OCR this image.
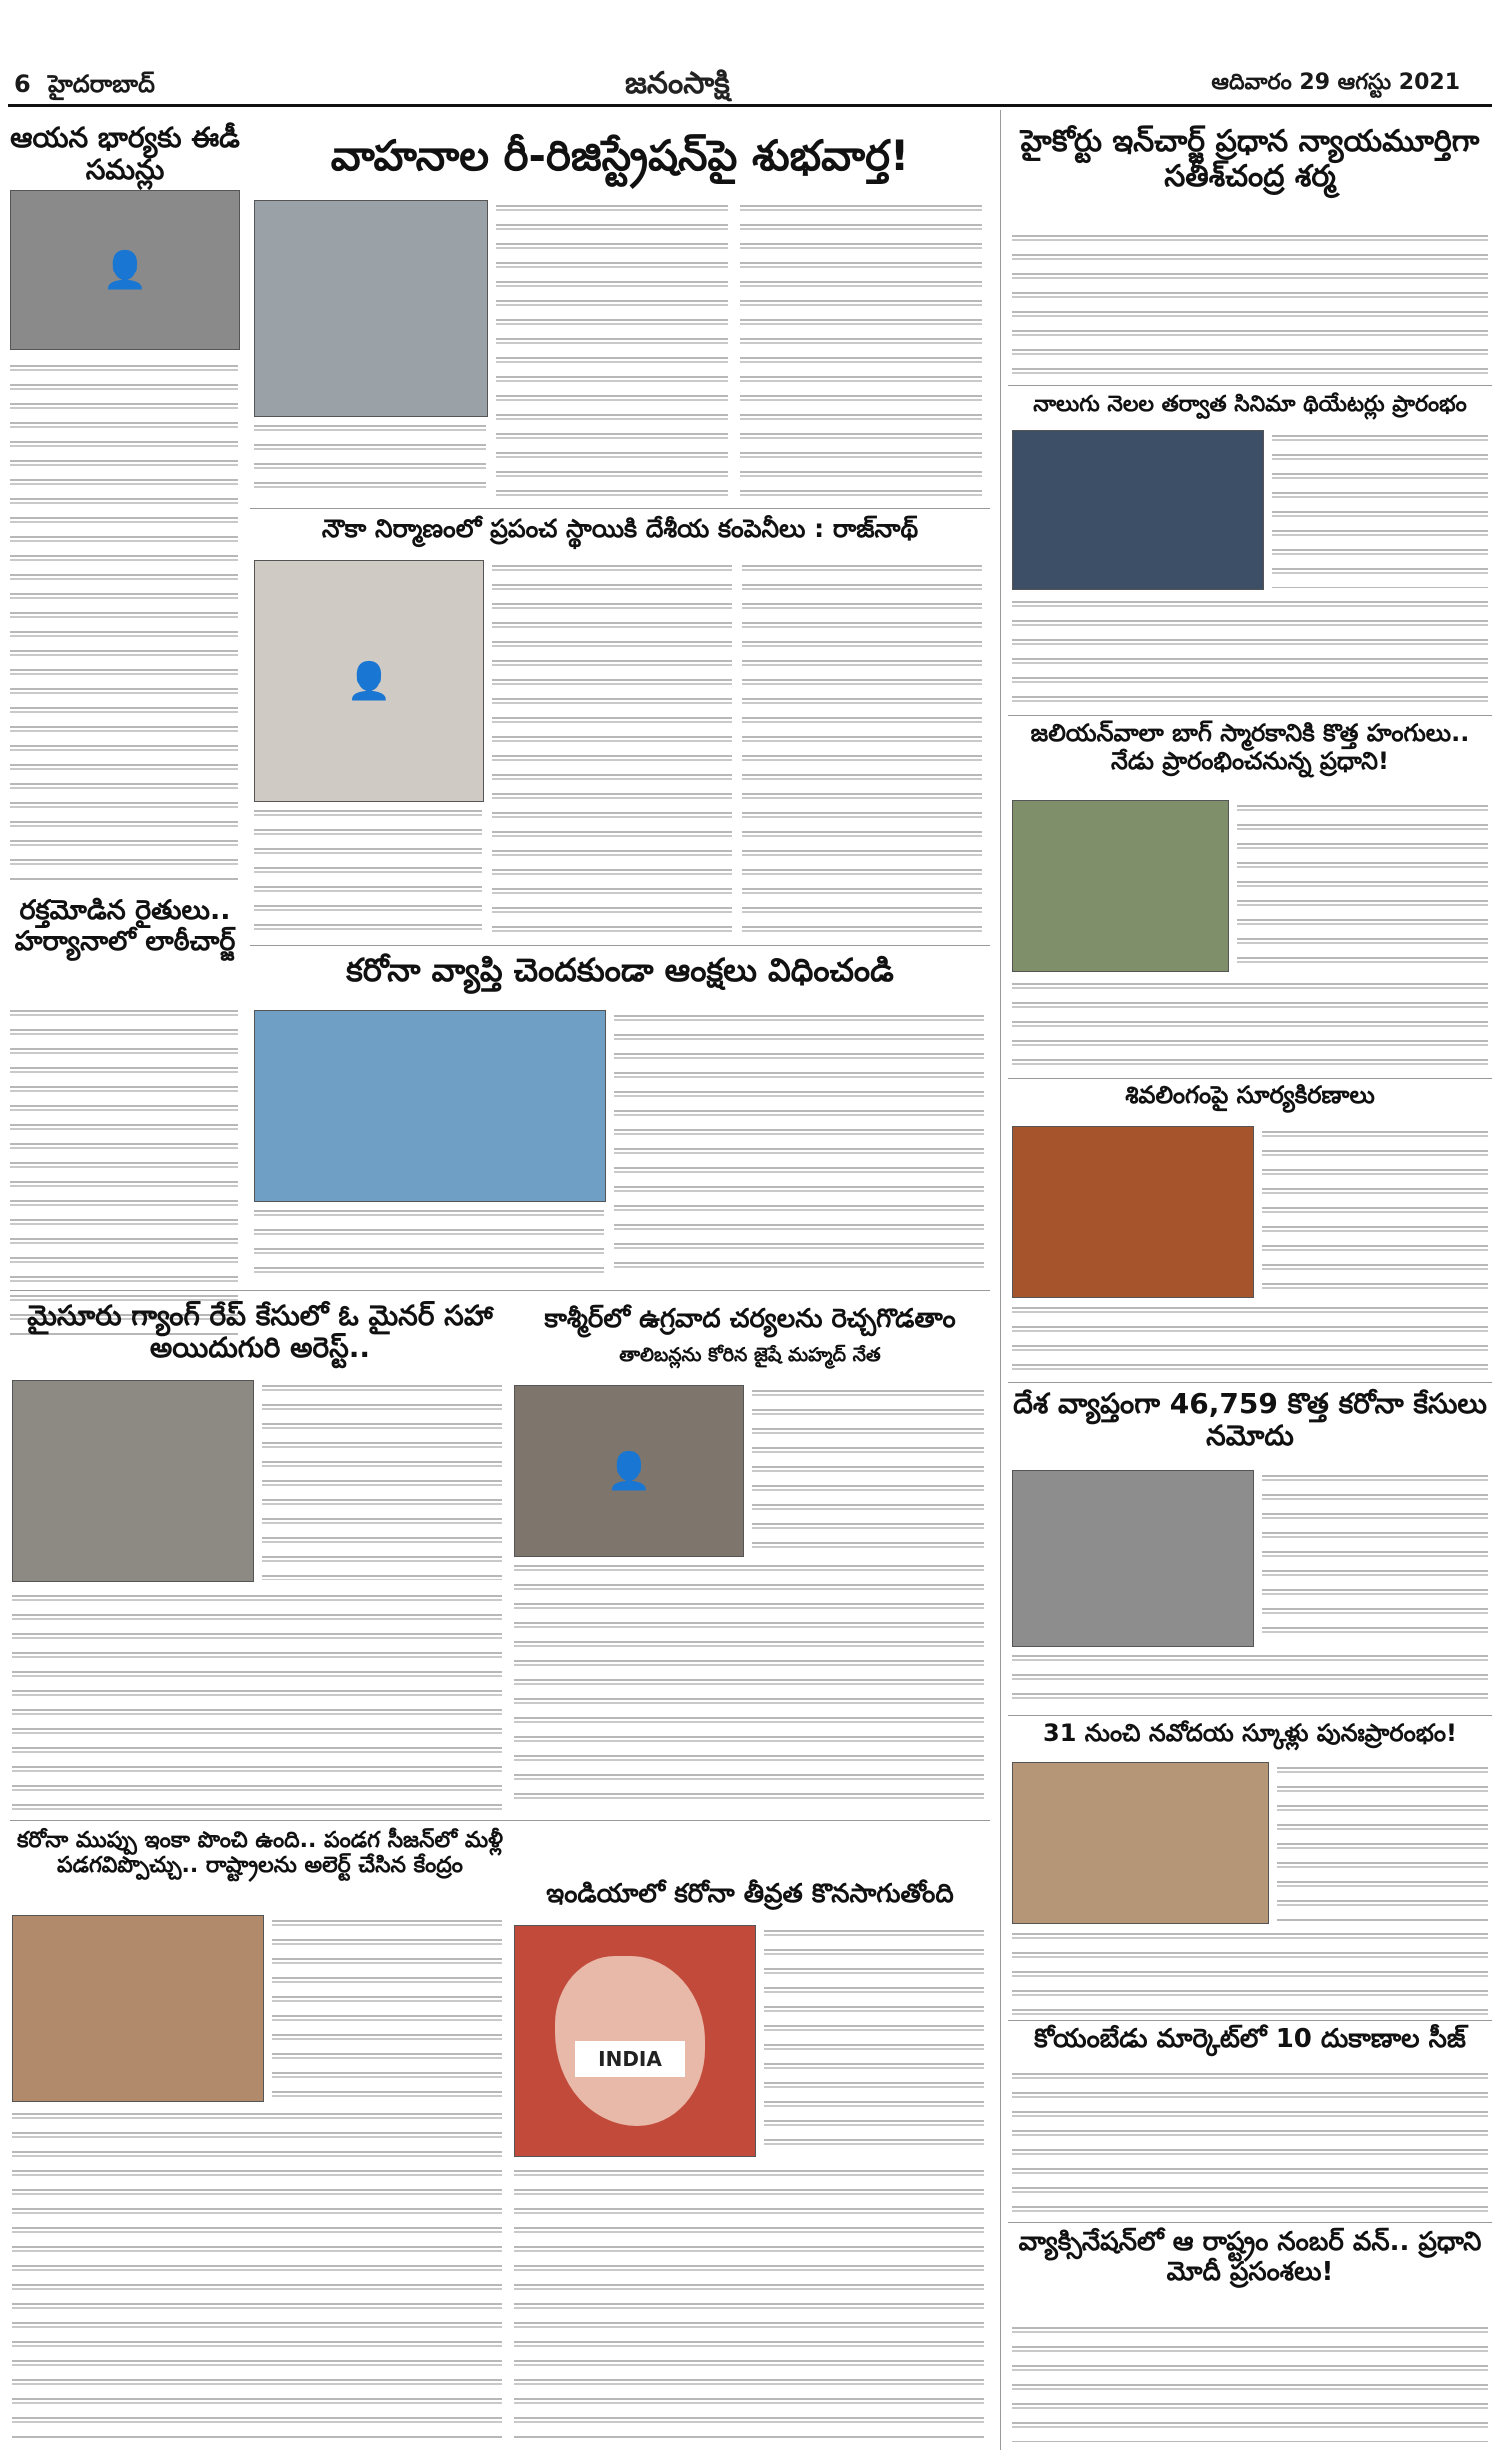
6 హైదరాబాద్	జనంసాక్షి	ఆదివారం 29 ఆగస్టు 2021
ఆయన భార్యకు ఈడీ సమన్లు
👤
రక్తమోడిన రైతులు.. హర్యానాలో లాఠీచార్జ్
వాహనాల రీ-రిజిస్ట్రేషన్‌పై శుభవార్త!
నౌకా నిర్మాణంలో ప్రపంచ స్థాయికి దేశీయ కంపెనీలు : రాజ్‌నాథ్
👤
కరోనా వ్యాప్తి చెందకుండా ఆంక్షలు విధించండి
మైసూరు గ్యాంగ్ రేప్ కేసులో ఓ మైనర్ సహా అయిదుగురి అరెస్ట్..
కాశ్మీర్‌లో ఉగ్రవాద చర్యలను రెచ్చగొడతాం
తాలిబన్లను కోరిన జైషే మహ్మద్ నేత
👤
కరోనా ముప్పు ఇంకా పొంచి ఉంది.. పండగ సీజన్‌లో మళ్లీ పడగవిప్పొచ్చు.. రాష్ట్రాలను అలెర్ట్ చేసిన కేంద్రం
ఇండియాలో కరోనా తీవ్రత కొనసాగుతోంది
INDIA
హైకోర్టు ఇన్‌చార్జ్ ప్రధాన న్యాయమూర్తిగా సతీశ్‌చంద్ర శర్మ
నాలుగు నెలల తర్వాత సినిమా థియేటర్లు ప్రారంభం
జలియన్‌వాలా బాగ్ స్మారకానికి కొత్త హంగులు.. నేడు ప్రారంభించనున్న ప్రధాని!
శివలింగంపై సూర్యకిరణాలు
దేశ వ్యాప్తంగా 46,759 కొత్త కరోనా కేసులు నమోదు
31 నుంచి నవోదయ స్కూళ్లు పునఃప్రారంభం!
కోయంబేడు మార్కెట్‌లో 10 దుకాణాల సీజ్
వ్యాక్సినేషన్‌లో ఆ రాష్ట్రం నంబర్ వన్.. ప్రధాని మోదీ ప్రసంశలు!
